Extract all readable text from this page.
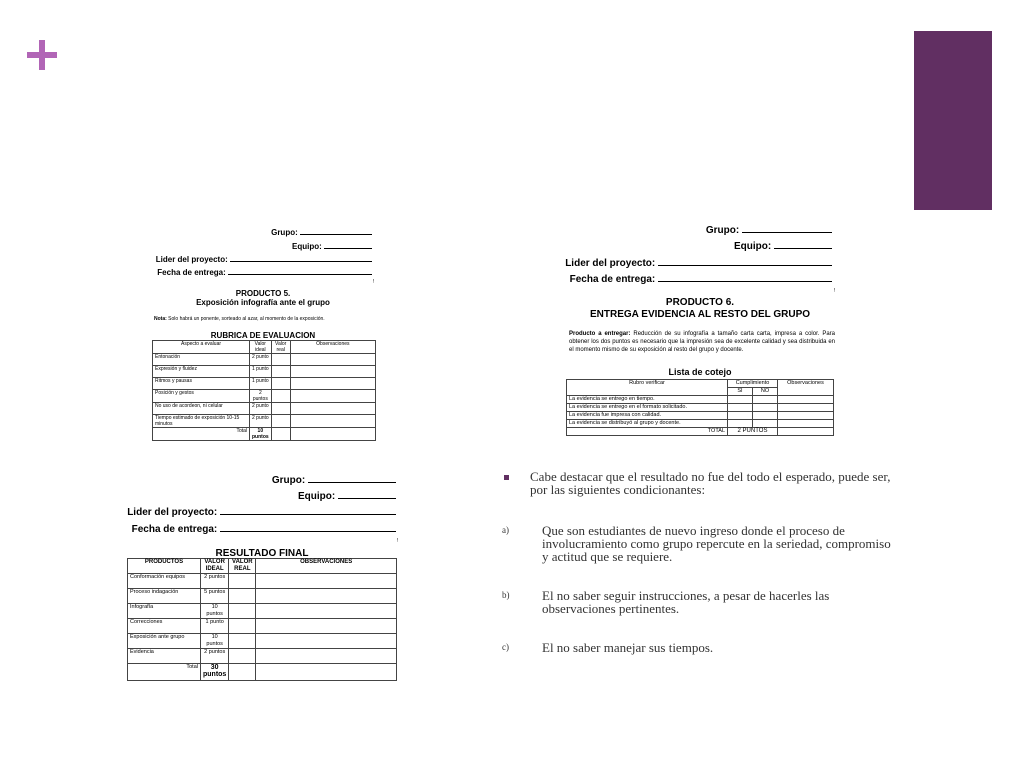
Grupo:
Equipo:
Lider del proyecto:
Fecha de entrega:
!
PRODUCTO 5.
Exposición infografía ante el grupo
Nota: Solo habrá un ponente, sorteado al azar, al momento de la exposición.
RUBRICA DE EVALUACION
Aspecto a evaluar	Valor ideal	Valor real	Observaciones
Entonación	2 punto		
Expresión y fluidez	1 punto		
Ritmos y pausas	1 punto		
Posición y gestos	2 puntos		
No uso de acordeon, ni celular	2 punto		
Tiempo estimado de exposición 10-15 minutos	2 punto		
Total	10 puntos		
Grupo:
Equipo:
Lider del proyecto:
Fecha de entrega:
!
PRODUCTO 6.
ENTREGA EVIDENCIA AL RESTO DEL GRUPO
Producto a entregar: Reducción de su infografía a tamaño carta carta, impresa a color. Para obtener los dos puntos es necesario que la impresión sea de excelente calidad y sea distribuida en el momento mismo de su exposición al resto del grupo y docente.
Lista de cotejo
Rubro verificar	Cumplimiento		Observaciones
	SI	NO	
La evidencia se entrego en tiempo.			
La evidencia se entrego en el formato solicitado.			
La evidencia fue impresa con calidad.			
La evidencia se distribuyó al grupo y docente.			
TOTAL	2 PUNTOS		
Grupo:
Equipo:
Lider del proyecto:
Fecha de entrega:
!
RESULTADO FINAL
PRODUCTOS	VALOR IDEAL	VALOR REAL	OBSERVACIONES
Conformación equipos	2 puntos		
Proceso indagación	5 puntos		
Infografía	10 puntos		
Correcciones	1 punto		
Exposición ante grupo	10 puntos		
Evidencia	2 puntos		
Total	30 puntos		
Cabe destacar que el resultado no fue del todo el esperado, puede ser, por las siguientes condicionantes:
a)	Que son estudiantes de nuevo ingreso donde el proceso de involucramiento como grupo repercute en la seriedad, compromiso y actitud que se requiere.
b)	El no saber seguir instrucciones, a pesar de hacerles las observaciones pertinentes.
c)	El no saber manejar sus tiempos.
